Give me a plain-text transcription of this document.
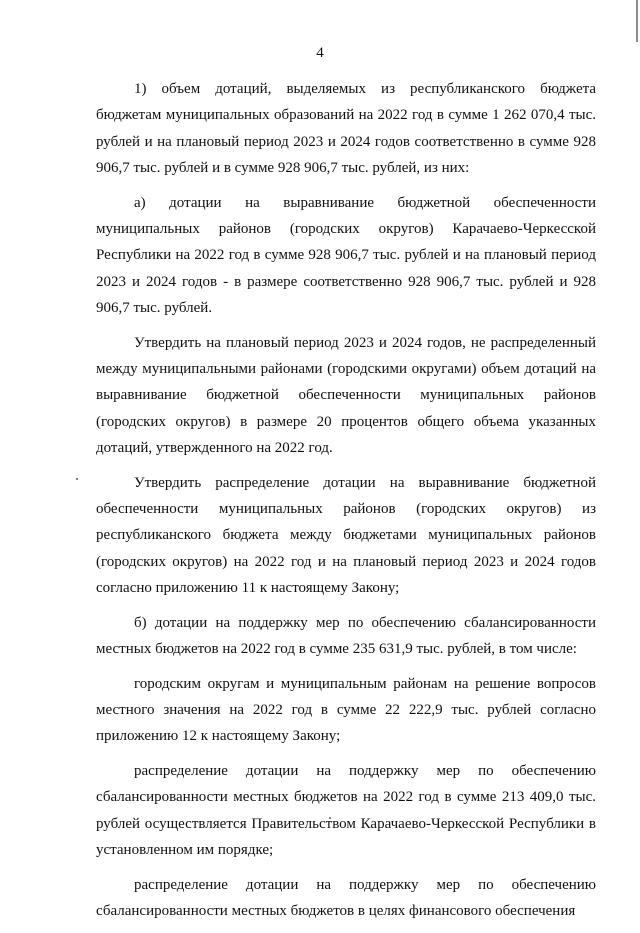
4

1) объем дотаций, выделяемых из республиканского бюджета бюджетам муниципальных образований на 2022 год в сумме 1 262 070,4 тыс. рублей и на плановый период 2023 и 2024 годов соответственно в сумме 928 906,7 тыс. рублей и в сумме 928 906,7 тыс. рублей, из них:

а) дотации на выравнивание бюджетной обеспеченности муниципальных районов (городских округов) Карачаево-Черкесской Республики на 2022 год в сумме 928 906,7 тыс. рублей и на плановый период 2023 и 2024 годов - в размере соответственно 928 906,7 тыс. рублей и 928 906,7 тыс. рублей.

Утвердить на плановый период 2023 и 2024 годов, не распределенный между муниципальными районами (городскими округами) объем дотаций на выравнивание бюджетной обеспеченности муниципальных районов (городских округов) в размере 20 процентов общего объема указанных дотаций, утвержденного на 2022 год.

Утвердить распределение дотации на выравнивание бюджетной обеспеченности муниципальных районов (городских округов) из республиканского бюджета между бюджетами муниципальных районов (городских округов) на 2022 год и на плановый период 2023 и 2024 годов согласно приложению 11 к настоящему Закону;

б) дотации на поддержку мер по обеспечению сбалансированности местных бюджетов на 2022 год в сумме 235 631,9 тыс. рублей, в том числе:

городским округам и муниципальным районам на решение вопросов местного значения на 2022 год в сумме 22 222,9 тыс. рублей согласно приложению 12 к настоящему Закону;

распределение дотации на поддержку мер по обеспечению сбалансированности местных бюджетов на 2022 год в сумме 213 409,0 тыс. рублей осуществляется Правительством Карачаево-Черкесской Республики в установленном им порядке;

распределение дотации на поддержку мер по обеспечению сбалансированности местных бюджетов в целях финансового обеспечения
